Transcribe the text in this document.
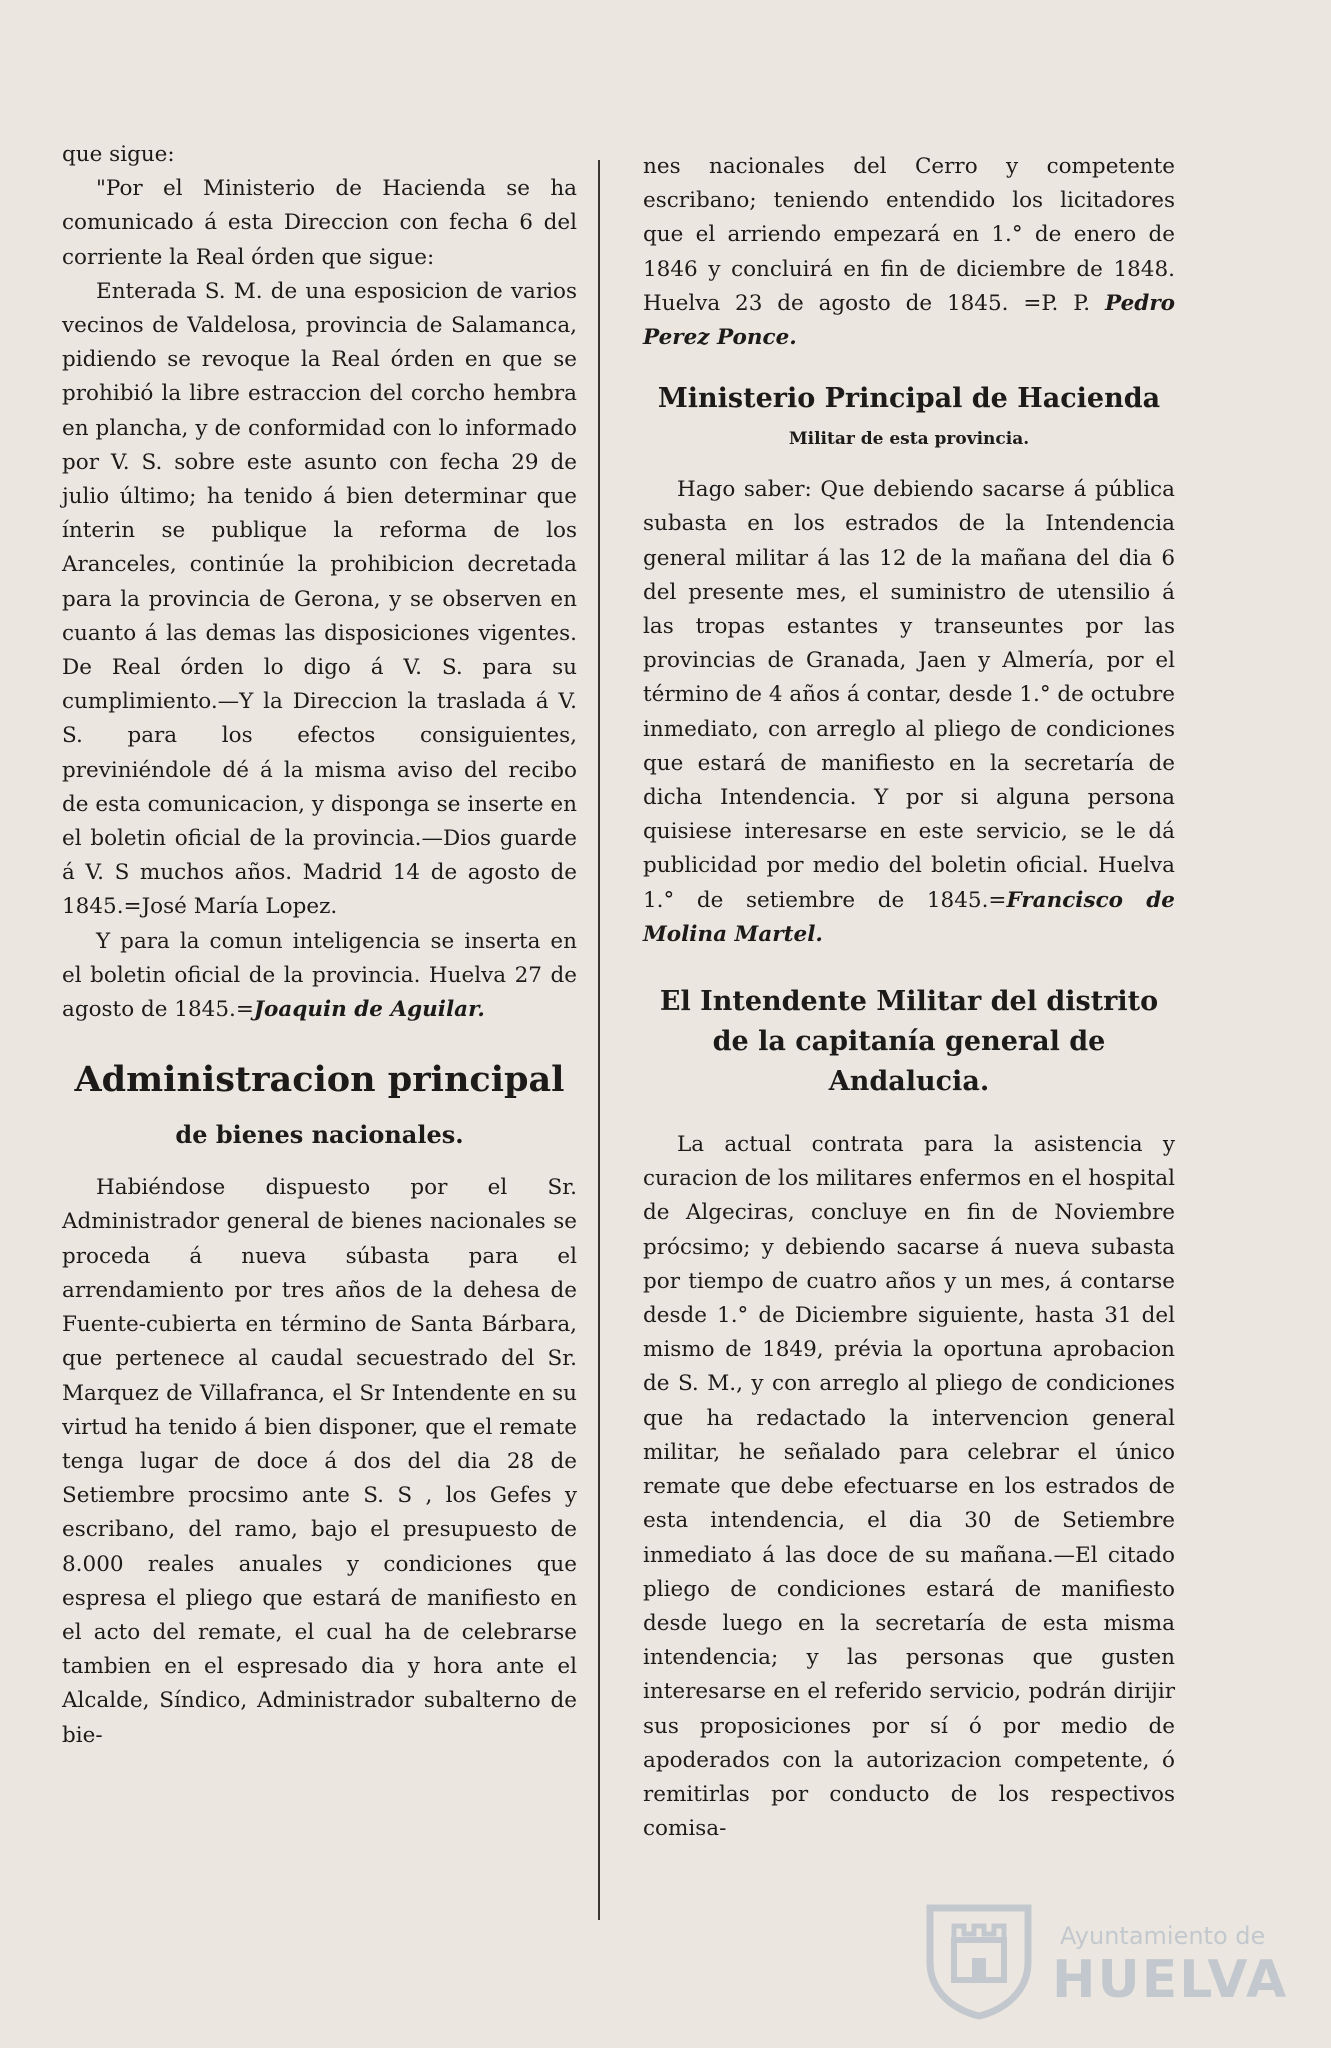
que sigue:

"Por el Ministerio de Hacienda se ha comunicado á esta Direccion con fecha 6 del corriente la Real órden que sigue:

Enterada S. M. de una esposicion de varios vecinos de Valdelosa, provincia de Salamanca, pidiendo se revoque la Real órden en que se prohibió la libre estraccion del corcho hembra en plancha, y de conformidad con lo informado por V. S. sobre este asunto con fecha 29 de julio último; ha tenido á bien determinar que ínterin se publique la reforma de los Aranceles, continúe la prohibicion decretada para la provincia de Gerona, y se observen en cuanto á las demas las disposiciones vigentes. De Real órden lo digo á V. S. para su cumplimiento.—Y la Direccion la traslada á V. S. para los efectos consiguientes, previniéndole dé á la misma aviso del recibo de esta comunicacion, y disponga se inserte en el boletin oficial de la provincia.—Dios guarde á V. S muchos años. Madrid 14 de agosto de 1845.=José María Lopez.

Y para la comun inteligencia se inserta en el boletin oficial de la provincia. Huelva 27 de agosto de 1845.=Joaquin de Aguilar.

Administracion principal
de bienes nacionales.

Habiéndose dispuesto por el Sr. Administrador general de bienes nacionales se proceda á nueva súbasta para el arrendamiento por tres años de la dehesa de Fuente-cubierta en término de Santa Bárbara, que pertenece al caudal secuestrado del Sr. Marquez de Villafranca, el Sr Intendente en su virtud ha tenido á bien disponer, que el remate tenga lugar de doce á dos del dia 28 de Setiembre procsimo ante S. S , los Gefes y escribano, del ramo, bajo el presupuesto de 8.000 reales anuales y condiciones que espresa el pliego que estará de manifiesto en el acto del remate, el cual ha de celebrarse tambien en el espresado dia y hora ante el Alcalde, Síndico, Administrador subalterno de bie-

nes nacionales del Cerro y competente escribano; teniendo entendido los licitadores que el arriendo empezará en 1.° de enero de 1846 y concluirá en fin de diciembre de 1848. Huelva 23 de agosto de 1845. =P. P. Pedro Perez Ponce.

Ministerio Principal de Hacienda
Militar de esta provincia.

Hago saber: Que debiendo sacarse á pública subasta en los estrados de la Intendencia general militar á las 12 de la mañana del dia 6 del presente mes, el suministro de utensilio á las tropas estantes y transeuntes por las provincias de Granada, Jaen y Almería, por el término de 4 años á contar, desde 1.° de octubre inmediato, con arreglo al pliego de condiciones que estará de manifiesto en la secretaría de dicha Intendencia. Y por si alguna persona quisiese interesarse en este servicio, se le dá publicidad por medio del boletin oficial. Huelva 1.° de setiembre de 1845.=Francisco de Molina Martel.

El Intendente Militar del distrito de la capitanía general de Andalucia.

La actual contrata para la asistencia y curacion de los militares enfermos en el hospital de Algeciras, concluye en fin de Noviembre prócsimo; y debiendo sacarse á nueva subasta por tiempo de cuatro años y un mes, á contarse desde 1.° de Diciembre siguiente, hasta 31 del mismo de 1849, prévia la oportuna aprobacion de S. M., y con arreglo al pliego de condiciones que ha redactado la intervencion general militar, he señalado para celebrar el único remate que debe efectuarse en los estrados de esta intendencia, el dia 30 de Setiembre inmediato á las doce de su mañana.—El citado pliego de condiciones estará de manifiesto desde luego en la secretaría de esta misma intendencia; y las personas que gusten interesarse en el referido servicio, podrán dirijir sus proposiciones por sí ó por medio de apoderados con la autorizacion competente, ó remitirlas por conducto de los respectivos comisa-

Ayuntamiento de
HUELVA
